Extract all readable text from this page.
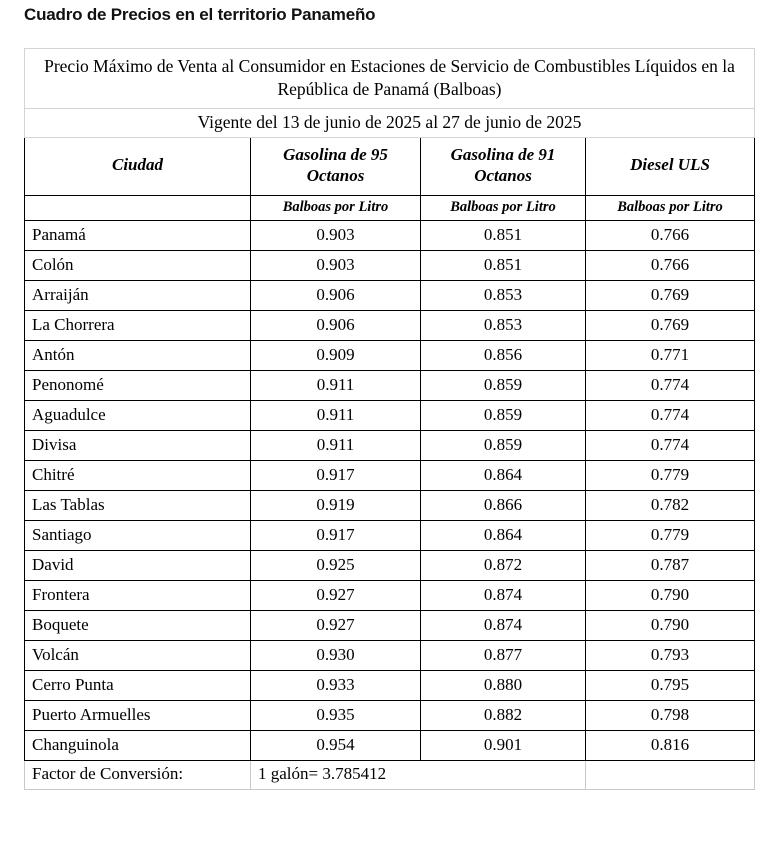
Cuadro de Precios en el territorio Panameño
Precio Máximo de Venta al Consumidor en Estaciones de Servicio de Combustibles Líquidos en la República de Panamá (Balboas)			
Vigente del 13 de junio de 2025 al 27 de junio de 2025			
Ciudad	Gasolina de 95 Octanos	Gasolina de 91 Octanos	Diesel ULS
	Balboas por Litro	Balboas por Litro	Balboas por Litro
Panamá	0.903	0.851	0.766
Colón	0.903	0.851	0.766
Arraiján	0.906	0.853	0.769
La Chorrera	0.906	0.853	0.769
Antón	0.909	0.856	0.771
Penonomé	0.911	0.859	0.774
Aguadulce	0.911	0.859	0.774
Divisa	0.911	0.859	0.774
Chitré	0.917	0.864	0.779
Las Tablas	0.919	0.866	0.782
Santiago	0.917	0.864	0.779
David	0.925	0.872	0.787
Frontera	0.927	0.874	0.790
Boquete	0.927	0.874	0.790
Volcán	0.930	0.877	0.793
Cerro Punta	0.933	0.880	0.795
Puerto Armuelles	0.935	0.882	0.798
Changuinola	0.954	0.901	0.816
Factor de Conversión:	1 galón= 3.785412		
